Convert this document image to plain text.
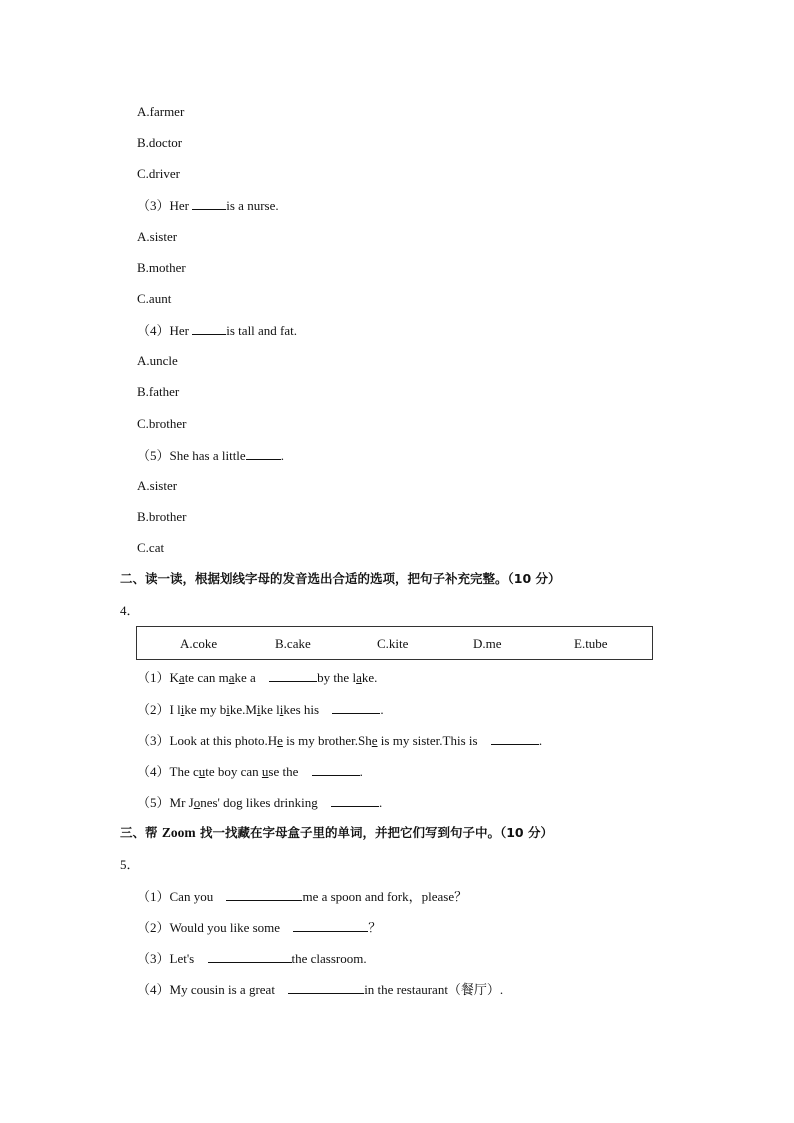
A.farmer
B.doctor
C.driver
（3）Her	is a nurse.
A.sister
B.mother
C.aunt
（4）Her	is tall and fat.
A.uncle
B.father
C.brother
（5）She has a little	.
A.sister
B.brother
C.cat
二、读一读，根据划线字母的发音选出合适的选项，把句子补充完整。（10 分）
4．
A.coke	B.cake	C.kite	D.me	E.tube
（1）Kate can make a	by the lake.
（2）I like my bike.Mike likes his	.
（3）Look at this photo.He is my brother.She is my sister.This is	.
（4）The cute boy can use the	.
（5）Mr Jones' dog likes drinking	.
三、帮 Zoom 找一找藏在字母盒子里的单词，并把它们写到句子中。（10 分）
5．
（1）Can you	me a spoon and fork，please？
（2）Would you like some	？
（3）Let's	the classroom.
（4）My cousin is a great	in the restaurant（餐厅）.
